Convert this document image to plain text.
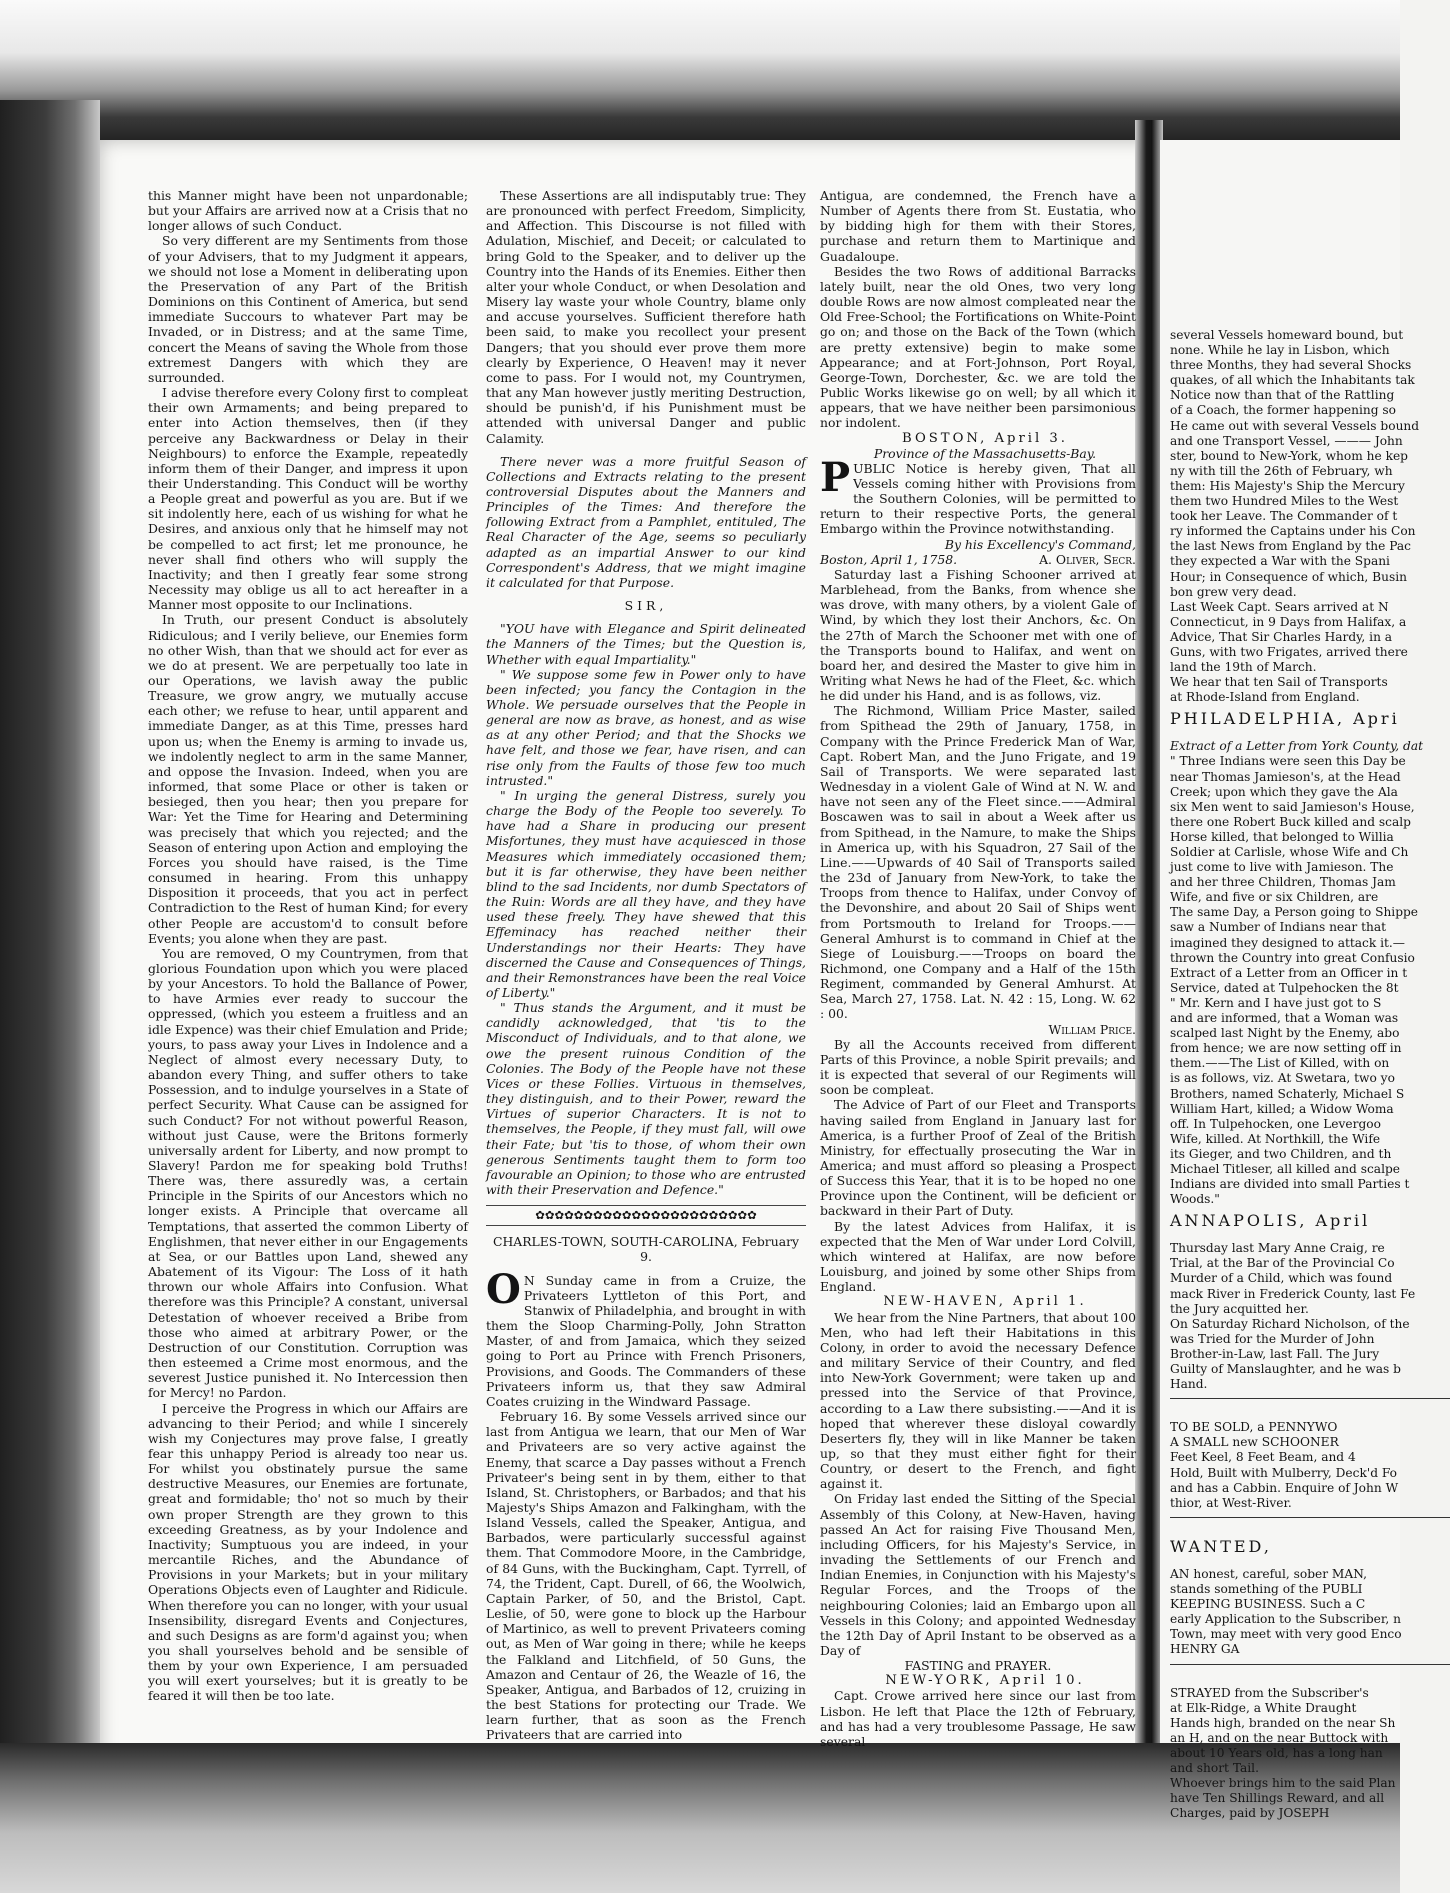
this Manner might have been not unpardonable; but your Affairs are arrived now at a Crisis that no longer allows of such Conduct.

So very different are my Sentiments from those of your Advisers, that to my Judgment it appears, we should not lose a Moment in deliberating upon the Preservation of any Part of the British Dominions on this Continent of America, but send immediate Succours to whatever Part may be Invaded, or in Distress; and at the same Time, concert the Means of saving the Whole from those extremest Dangers with which they are surrounded.

I advise therefore every Colony first to compleat their own Armaments; and being prepared to enter into Action themselves, then (if they perceive any Backwardness or Delay in their Neighbours) to enforce the Example, repeatedly inform them of their Danger, and impress it upon their Understanding. This Conduct will be worthy a People great and powerful as you are. But if we sit indolently here, each of us wishing for what he Desires, and anxious only that he himself may not be compelled to act first; let me pronounce, he never shall find others who will supply the Inactivity; and then I greatly fear some strong Necessity may oblige us all to act hereafter in a Manner most opposite to our Inclinations.

In Truth, our present Conduct is absolutely Ridiculous; and I verily believe, our Enemies form no other Wish, than that we should act for ever as we do at present. We are perpetually too late in our Operations, we lavish away the public Treasure, we grow angry, we mutually accuse each other; we refuse to hear, until apparent and immediate Danger, as at this Time, presses hard upon us; when the Enemy is arming to invade us, we indolently neglect to arm in the same Manner, and oppose the Invasion. Indeed, when you are informed, that some Place or other is taken or besieged, then you hear; then you prepare for War: Yet the Time for Hearing and Determining was precisely that which you rejected; and the Season of entering upon Action and employing the Forces you should have raised, is the Time consumed in hearing. From this unhappy Disposition it proceeds, that you act in perfect Contradiction to the Rest of human Kind; for every other People are accustom'd to consult before Events; you alone when they are past.

You are removed, O my Countrymen, from that glorious Foundation upon which you were placed by your Ancestors. To hold the Ballance of Power, to have Armies ever ready to succour the oppressed, (which you esteem a fruitless and an idle Expence) was their chief Emulation and Pride; yours, to pass away your Lives in Indolence and a Neglect of almost every necessary Duty, to abandon every Thing, and suffer others to take Possession, and to indulge yourselves in a State of perfect Security. What Cause can be assigned for such Conduct? For not without powerful Reason, without just Cause, were the Britons formerly universally ardent for Liberty, and now prompt to Slavery! Pardon me for speaking bold Truths! There was, there assuredly was, a certain Principle in the Spirits of our Ancestors which no longer exists. A Principle that overcame all Temptations, that asserted the common Liberty of Englishmen, that never either in our Engagements at Sea, or our Battles upon Land, shewed any Abatement of its Vigour: The Loss of it hath thrown our whole Affairs into Confusion. What therefore was this Principle? A constant, universal Detestation of whoever received a Bribe from those who aimed at arbitrary Power, or the Destruction of our Constitution. Corruption was then esteemed a Crime most enormous, and the severest Justice punished it. No Intercession then for Mercy! no Pardon.

I perceive the Progress in which our Affairs are advancing to their Period; and while I sincerely wish my Conjectures may prove false, I greatly fear this unhappy Period is already too near us. For whilst you obstinately pursue the same destructive Measures, our Enemies are fortunate, great and formidable; tho' not so much by their own proper Strength are they grown to this exceeding Greatness, as by your Indolence and Inactivity; Sumptuous you are indeed, in your mercantile Riches, and the Abundance of Provisions in your Markets; but in your military Operations Objects even of Laughter and Ridicule. When therefore you can no longer, with your usual Insensibility, disregard Events and Conjectures, and such Designs as are form'd against you; when you shall yourselves behold and be sensible of them by your own Experience, I am persuaded you will exert yourselves; but it is greatly to be feared it will then be too late.

These Assertions are all indisputably true: They are pronounced with perfect Freedom, Simplicity, and Affection. This Discourse is not filled with Adulation, Mischief, and Deceit; or calculated to bring Gold to the Speaker, and to deliver up the Country into the Hands of its Enemies. Either then alter your whole Conduct, or when Desolation and Misery lay waste your whole Country, blame only and accuse yourselves. Sufficient therefore hath been said, to make you recollect your present Dangers; that you should ever prove them more clearly by Experience, O Heaven! may it never come to pass. For I would not, my Countrymen, that any Man however justly meriting Destruction, should be punish'd, if his Punishment must be attended with universal Danger and public Calamity.

There never was a more fruitful Season of Collections and Extracts relating to the present controversial Disputes about the Manners and Principles of the Times: And therefore the following Extract from a Pamphlet, entituled, The Real Character of the Age, seems so peculiarly adapted as an impartial Answer to our kind Correspondent's Address, that we might imagine it calculated for that Purpose.

SIR,

"YOU have with Elegance and Spirit delineated the Manners of the Times; but the Question is, Whether with equal Impartiality."

" We suppose some few in Power only to have been infected; you fancy the Contagion in the Whole. We persuade ourselves that the People in general are now as brave, as honest, and as wise as at any other Period; and that the Shocks we have felt, and those we fear, have risen, and can rise only from the Faults of those few too much intrusted."

" In urging the general Distress, surely you charge the Body of the People too severely. To have had a Share in producing our present Misfortunes, they must have acquiesced in those Measures which immediately occasioned them; but it is far otherwise, they have been neither blind to the sad Incidents, nor dumb Spectators of the Ruin: Words are all they have, and they have used these freely. They have shewed that this Effeminacy has reached neither their Understandings nor their Hearts: They have discerned the Cause and Consequences of Things, and their Remonstrances have been the real Voice of Liberty."

" Thus stands the Argument, and it must be candidly acknowledged, that 'tis to the Misconduct of Individuals, and to that alone, we owe the present ruinous Condition of the Colonies. The Body of the People have not these Vices or these Follies. Virtuous in themselves, they distinguish, and to their Power, reward the Virtues of superior Characters. It is not to themselves, the People, if they must fall, will owe their Fate; but 'tis to those, of whom their own generous Sentiments taught them to form too favourable an Opinion; to those who are entrusted with their Preservation and Defence."

✿✿✿✿✿✿✿✿✿✿✿✿✿✿✿✿✿✿✿✿✿✿✿

CHARLES-TOWN, SOUTH-CAROLINA, February 9.

ON Sunday came in from a Cruize, the Privateers Lyttleton of this Port, and Stanwix of Philadelphia, and brought in with them the Sloop Charming-Polly, John Stratton Master, of and from Jamaica, which they seized going to Port au Prince with French Prisoners, Provisions, and Goods. The Commanders of these Privateers inform us, that they saw Admiral Coates cruizing in the Windward Passage.

February 16. By some Vessels arrived since our last from Antigua we learn, that our Men of War and Privateers are so very active against the Enemy, that scarce a Day passes without a French Privateer's being sent in by them, either to that Island, St. Christophers, or Barbados; and that his Majesty's Ships Amazon and Falkingham, with the Island Vessels, called the Speaker, Antigua, and Barbados, were particularly successful against them. That Commodore Moore, in the Cambridge, of 84 Guns, with the Buckingham, Capt. Tyrrell, of 74, the Trident, Capt. Durell, of 66, the Woolwich, Captain Parker, of 50, and the Bristol, Capt. Leslie, of 50, were gone to block up the Harbour of Martinico, as well to prevent Privateers coming out, as Men of War going in there; while he keeps the Falkland and Litchfield, of 50 Guns, the Amazon and Centaur of 26, the Weazle of 16, the Speaker, Antigua, and Barbados of 12, cruizing in the best Stations for protecting our Trade. We learn further, that as soon as the French Privateers that are carried into

Antigua, are condemned, the French have a Number of Agents there from St. Eustatia, who by bidding high for them with their Stores, purchase and return them to Martinique and Guadaloupe.

Besides the two Rows of additional Barracks lately built, near the old Ones, two very long double Rows are now almost compleated near the Old Free-School; the Fortifications on White-Point go on; and those on the Back of the Town (which are pretty extensive) begin to make some Appearance; and at Fort-Johnson, Port Royal, George-Town, Dorchester, &c. we are told the Public Works likewise go on well; by all which it appears, that we have neither been parsimonious nor indolent.

BOSTON, April 3.

Province of the Massachusetts-Bay.

PUBLIC Notice is hereby given, That all Vessels coming hither with Provisions from the Southern Colonies, will be permitted to return to their respective Ports, the general Embargo within the Province notwithstanding.

By his Excellency's Command,

Boston, April 1, 1758.	A. Oliver, Secr.

Saturday last a Fishing Schooner arrived at Marblehead, from the Banks, from whence she was drove, with many others, by a violent Gale of Wind, by which they lost their Anchors, &c. On the 27th of March the Schooner met with one of the Transports bound to Halifax, and went on board her, and desired the Master to give him in Writing what News he had of the Fleet, &c. which he did under his Hand, and is as follows, viz.

The Richmond, William Price Master, sailed from Spithead the 29th of January, 1758, in Company with the Prince Frederick Man of War, Capt. Robert Man, and the Juno Frigate, and 19 Sail of Transports. We were separated last Wednesday in a violent Gale of Wind at N. W. and have not seen any of the Fleet since.——Admiral Boscawen was to sail in about a Week after us from Spithead, in the Namure, to make the Ships in America up, with his Squadron, 27 Sail of the Line.——Upwards of 40 Sail of Transports sailed the 23d of January from New-York, to take the Troops from thence to Halifax, under Convoy of the Devonshire, and about 20 Sail of Ships went from Portsmouth to Ireland for Troops.——General Amhurst is to command in Chief at the Siege of Louisburg.——Troops on board the Richmond, one Company and a Half of the 15th Regiment, commanded by General Amhurst. At Sea, March 27, 1758. Lat. N. 42 : 15, Long. W. 62 : 00.

William Price.

By all the Accounts received from different Parts of this Province, a noble Spirit prevails; and it is expected that several of our Regiments will soon be compleat.

The Advice of Part of our Fleet and Transports having sailed from England in January last for America, is a further Proof of Zeal of the British Ministry, for effectually prosecuting the War in America; and must afford so pleasing a Prospect of Success this Year, that it is to be hoped no one Province upon the Continent, will be deficient or backward in their Part of Duty.

By the latest Advices from Halifax, it is expected that the Men of War under Lord Colvill, which wintered at Halifax, are now before Louisburg, and joined by some other Ships from England.

NEW-HAVEN, April 1.

We hear from the Nine Partners, that about 100 Men, who had left their Habitations in this Colony, in order to avoid the necessary Defence and military Service of their Country, and fled into New-York Government; were taken up and pressed into the Service of that Province, according to a Law there subsisting.——And it is hoped that wherever these disloyal cowardly Deserters fly, they will in like Manner be taken up, so that they must either fight for their Country, or desert to the French, and fight against it.

On Friday last ended the Sitting of the Special Assembly of this Colony, at New-Haven, having passed An Act for raising Five Thousand Men, including Officers, for his Majesty's Service, in invading the Settlements of our French and Indian Enemies, in Conjunction with his Majesty's Regular Forces, and the Troops of the neighbouring Colonies; laid an Embargo upon all Vessels in this Colony; and appointed Wednesday the 12th Day of April Instant to be observed as a Day of

FASTING and PRAYER.

NEW-YORK, April 10.

Capt. Crowe arrived here since our last from Lisbon. He left that Place the 12th of February, and has had a very troublesome Passage, He saw several

several Vessels homeward bound, but
none. While he lay in Lisbon, which
three Months, they had several Shocks
quakes, of all which the Inhabitants tak
Notice now than that of the Rattling
of a Coach, the former happening so
He came out with several Vessels bound
and one Transport Vessel, ——— John
ster, bound to New-York, whom he kep
ny with till the 26th of February, wh
them: His Majesty's Ship the Mercury
them two Hundred Miles to the West
took her Leave. The Commander of t
ry informed the Captains under his Con
the last News from England by the Pac
they expected a War with the Spani
Hour; in Consequence of which, Busin
bon grew very dead.
Last Week Capt. Sears arrived at N
Connecticut, in 9 Days from Halifax, a
Advice, That Sir Charles Hardy, in a
Guns, with two Frigates, arrived there
land the 19th of March.
We hear that ten Sail of Transports
at Rhode-Island from England.
PHILADELPHIA, Apri
Extract of a Letter from York County, dat
" Three Indians were seen this Day be
near Thomas Jamieson's, at the Head
Creek; upon which they gave the Ala
six Men went to said Jamieson's House,
there one Robert Buck killed and scalp
Horse killed, that belonged to Willia
Soldier at Carlisle, whose Wife and Ch
just come to live with Jamieson. The
and her three Children, Thomas Jam
Wife, and five or six Children, are
The same Day, a Person going to Shippe
saw a Number of Indians near that
imagined they designed to attack it.—
thrown the Country into great Confusio
Extract of a Letter from an Officer in t
Service, dated at Tulpehocken the 8t
" Mr. Kern and I have just got to S
and are informed, that a Woman was
scalped last Night by the Enemy, abo
from hence; we are now setting off in
them.——The List of Killed, with on
is as follows, viz. At Swetara, two yo
Brothers, named Schaterly, Michael S
William Hart, killed; a Widow Woma
off. In Tulpehocken, one Levergoo
Wife, killed. At Northkill, the Wife
its Gieger, and two Children, and th
Michael Titleser, all killed and scalpe
Indians are divided into small Parties t
Woods."
ANNAPOLIS, April
Thursday last Mary Anne Craig, re
Trial, at the Bar of the Provincial Co
Murder of a Child, which was found
mack River in Frederick County, last Fe
the Jury acquitted her.
On Saturday Richard Nicholson, of the
was Tried for the Murder of John
Brother-in-Law, last Fall. The Jury
Guilty of Manslaughter, and he was b
Hand.
TO BE SOLD, a PENNYWO
A SMALL new SCHOONER
Feet Keel, 8 Feet Beam, and 4
Hold, Built with Mulberry, Deck'd Fo
and has a Cabbin. Enquire of John W
thior, at West-River.
WANTED,
AN honest, careful, sober MAN,
stands something of the PUBLI
KEEPING BUSINESS. Such a C
early Application to the Subscriber, n
Town, may meet with very good Enco
HENRY GA
STRAYED from the Subscriber's
at Elk-Ridge, a White Draught
Hands high, branded on the near Sh
an H, and on the near Buttock with
about 10 Years old, has a long han
and short Tail.
Whoever brings him to the said Plan
have Ten Shillings Reward, and all
Charges, paid by JOSEPH
